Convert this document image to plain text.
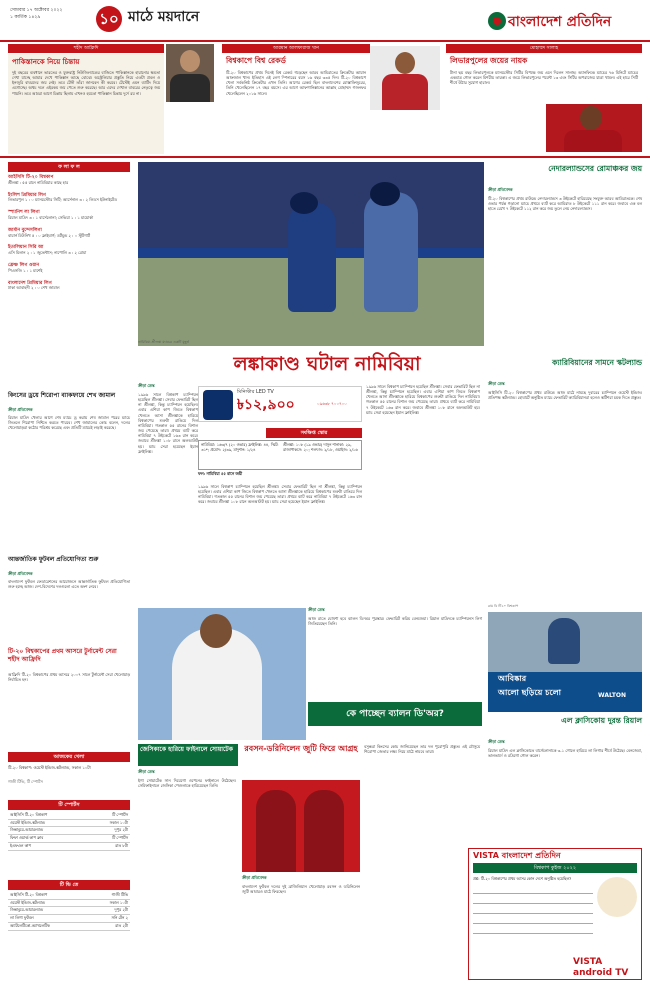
সোমবার ১৭ অক্টোবর ২০২২
১ কার্তিক ১৪২৯	১০ মাঠে ময়দানে	বাংলাদেশ প্রতিদিন
শহীদ আফ্রিদি
পাকিস্তানকে নিয়ে চিন্তায়
দুই বছরের ব্যবধানে ভারতের ও যুক্তরাষ্ট্র নিউজিল্যান্ডের বাজিতে পাকিস্তানকে হারানোর ক্ষমতা দেখা যাচ্ছে আমার দেখে পাকিস্তান আছে বোঝে। অস্ট্রেলিয়ার প্রস্তুতি নিয়ে এতটা প্রবল ও ইনজুরি বাবরদের জয় নেই। তবে টেস্ট তাঁরা জানবেন কী করবে। টেস্টেই এমন ব্যাটিং দিয়ে এগোচ্ছে। অথচ দলে এইরকম জয় পেতে শুরু করেছে। আর এদের দেখাল বাবরের নেতৃত্বে জয় পায়নি। তবে আমরা আগে চিন্তায় ছিলাম এখনও হয়তো পাকিস্তান চিন্তায় দুর্দে রয় না।
আরমান আলফারাজ খান
বিশ্বকাপে বিশ্ব রেকর্ড
টি-২০ বিশ্বকাপের প্রথম দিনেই বিশ্ব রেকর্ড গড়েছেন আরব আমিরাতের ক্রিকেটার আয়ান আফজাল খান। ইতিহাস এই লেগ স্পিনারের বয়স ১৬ বছর ৩৩৫ দিন। টি-২০ বিশ্বকাপে খেলা সর্বকনিষ্ঠ ক্রিকেটার এখন তিনি। আগের রেকর্ড ছিল বাংলাদেশের মোস্তাফিজুরের, তিনি খেলেছিলেন ১৭ বছর বয়সে। এর আগে আফগানিস্তানের আল্লাহ মোহাম্মদ গজনফর খেলেছিলেন ২০১৬ সালে।
মোহাম্মদ সালাহ
লিভারপুলের জয়ের নায়ক
টানা ছয় বছর লিভারপুলকে ম্যানচেস্টার সিটির বিপক্ষে জয় এনে দিলেন সালাহ। অ্যানফিল্ডে ম্যাচের ৭৬ মিনিটে ম্যাচের একমাত্র গোল করেন মিশরীয় তারকা। এ জয়ে লিভারপুলের পয়েন্ট ১৩ এবং সিটির অপরাজেয় যাত্রা থামল। এই হারে সিটি শীর্ষে উঠার সুযোগ হারাল।
ফ লা ফ ল
আইসিসি টি-২০ বিশ্বকাপ
শ্রীলঙ্কা : ৫৫ রানে নামিবিয়ার কাছে হার
ইংলিশ প্রিমিয়ার লিগ
লিভারপুল ১ : ০ ম্যানচেস্টার সিটি; আর্সেনাল ৩ : ২ লিডস ইউনাইটেড
স্প্যানিশ লা লিগা
রিয়াল মাদ্রিদ ৩ : ১ বার্সেলোনা; সেভিয়া ১ : ১ মায়োর্কা
জার্মান বুন্দেসলিগা
বায়ার্ন মিউনিখ ৫ : ০ ফ্রাইবার্গ; ডর্টমুন্ড ২ : ০ স্টুটগার্ট
ইতালিয়ান সিরি আ
এসি মিলান ২ : ১ জুভেন্টাস; নাপোলি ৩ : ২ রোমা
ফ্রেঞ্চ লিগ ওয়ান
পিএসজি ১ : ১ মার্শেই
বাংলাদেশ প্রিমিয়ার লিগ
ঢাকা আবাহনী ২ : ০ শেখ জামাল
কিংসের ড্রয়ে শিরোপা ব্যাকফায়ে শেখ জামাল
ক্রীড়া প্রতিবেদক
রিয়াল মাদ্রিদ খেলার আগে শেষ ম্যাচে ড্র করায় শেষ জামাল পরের ম্যাচে জিতলে শিরোপা নিশ্চিত করতে পারবে। শেখ জামালের কোচ বলেন, দলের খেলোয়াড়রা কঠোর পরিশ্রম করেছে এবং প্রতিটি ম্যাচেই লড়াই করেছে।
আন্তর্জাতিক ফুটবল প্রতিযোগিতা শুরু
ক্রীড়া প্রতিবেদক
বাংলাদেশ ফুটবল ফেডারেশনের আয়োজনে আন্তর্জাতিক ফুটবল প্রতিযোগিতা শুরু হচ্ছে আজ। দেশ-বিদেশের দলগুলো এতে অংশ নেবে।
টি-২০ বিশ্বকাপের প্রথম আসরে টুর্নামেন্ট সেরা শহীদ আফ্রিদি
আফ্রিদি টি-২০ বিশ্বকাপের প্রথম আসরে ২০০৭ সালে টুর্নামেন্ট সেরা খেলোয়াড় নির্বাচিত হন।
আজকের খেলা
টি-২০ বিশ্বকাপ: ওয়েস্ট ইন্ডিজ-স্কটল্যান্ড, সকাল ১০টা
গাজী টিভি, টি স্পোর্টস
টি স্পোর্টস
আইসিসি টি-২০ বিশ্বকাপ	টি স্পোর্টস
ওয়েস্ট ইন্ডিজ-স্কটল্যান্ড	সকাল ১০টা
জিম্বাবুয়ে-আয়ারল্যান্ড	দুপুর ২টা
ফিফা ওয়ার্ল্ড কাপ ক্লাব	টি স্পোর্টস
ইএফএল কাপ	রাত ৮টা
টি ভি তে
আইসিসি টি-২০ বিশ্বকাপ	গাজী টিভি
ওয়েস্ট ইন্ডিজ-স্কটল্যান্ড	সকাল ১০টা
জিম্বাবুয়ে-আয়ারল্যান্ড	দুপুর ২টা
লা লিগা ফুটবল	সনি টেন ২
অ্যাটলেটিকো-অ্যাথলেটিক	রাত ২টা
নামিবিয়া-শ্রীলঙ্কা ম্যাচের একটি মুহূর্ত
লঙ্কাকাণ্ড ঘটাল নামিবিয়া
ক্রীড়া ডেস্ক
১৯৯৬ সালে বিশ্বকাপ চ্যাম্পিয়ন হয়েছিল শ্রীলঙ্কা। সেবার ফেভারিট ছিল না শ্রীলঙ্কা, কিন্তু চ্যাম্পিয়ন হয়েছিল। এবার এশিয়া কাপ জিতে বিশ্বকাপ খেলতে আসা শ্রীলঙ্কাকে হারিয়ে বিশ্বকাপের শুরুটা রাঙিয়ে দিল নামিবিয়া। গতকাল ৫৫ রানের বিশাল জয় পেয়েছে তারা। প্রথমে ব্যাট করে নামিবিয়া ৭ উইকেটে ১৬৩ রান করে। জবাবে শ্রীলঙ্কা ১০৮ রানে অলআউট হয়। ম্যাচ সেরা হয়েছেন ইয়ান ফ্রাইলিঙ্ক।
মিনিস্টার LED TV
৳১২,৯০০	০৯৬৩৮ ৭০০৭০০
সংক্ষিপ্ত স্কোর
নামিবিয়া: ১৬৩/৭ (২০ ওভার) ফ্রাইলিঙ্ক: ৪৪, স্মিট: ৩১*; প্রমোদ: ২/৩৯, মাদুশান: ১/২৪
শ্রীলঙ্কা: ১০৮ (১৯ ওভার) দাসুন শানাকা: ২৯, রাজাপাকসে: ২০; শলৎজ: ২/১৮, ওয়াইজ: ২/১৬
ফল: নামিবিয়া ৫৫ রানে জয়ী
১৯৯৬ সালে বিশ্বকাপ চ্যাম্পিয়ন হয়েছিল শ্রীলঙ্কা। সেবার ফেভারিট ছিল না শ্রীলঙ্কা, কিন্তু চ্যাম্পিয়ন হয়েছিল। এবার এশিয়া কাপ জিতে বিশ্বকাপ খেলতে আসা শ্রীলঙ্কাকে হারিয়ে বিশ্বকাপের শুরুটা রাঙিয়ে দিল নামিবিয়া। গতকাল ৫৫ রানের বিশাল জয় পেয়েছে তারা। প্রথমে ব্যাট করে নামিবিয়া ৭ উইকেটে ১৬৩ রান করে। জবাবে শ্রীলঙ্কা ১০৮ রানে অলআউট হয়। ম্যাচ সেরা হয়েছেন ইয়ান ফ্রাইলিঙ্ক।
১৯৯৬ সালে বিশ্বকাপ চ্যাম্পিয়ন হয়েছিল শ্রীলঙ্কা। সেবার ফেভারিট ছিল না শ্রীলঙ্কা, কিন্তু চ্যাম্পিয়ন হয়েছিল। এবার এশিয়া কাপ জিতে বিশ্বকাপ খেলতে আসা শ্রীলঙ্কাকে হারিয়ে বিশ্বকাপের শুরুটা রাঙিয়ে দিল নামিবিয়া। গতকাল ৫৫ রানের বিশাল জয় পেয়েছে তারা। প্রথমে ব্যাট করে নামিবিয়া ৭ উইকেটে ১৬৩ রান করে। জবাবে শ্রীলঙ্কা ১০৮ রানে অলআউট হয়। ম্যাচ সেরা হয়েছেন ইয়ান ফ্রাইলিঙ্ক।
ক্রীড়া ডেস্ক
আজ রাতে ঘোষণা হবে ব্যালন ডি'অর পুরস্কার। ফেভারিট করিম বেনজেমা। রিয়াল মাদ্রিদকে চ্যাম্পিয়নস লিগ জিতিয়েছেন তিনি।
কে পাচ্ছেন ব্যালন ডি'অর?
জেসিকাকে হারিয়ে ফাইনালে সোয়াটেক
ক্রীড়া ডেস্ক
ইগা সোয়াটেক সান দিয়েগো ওপেনের ফাইনালে উঠেছেন। সেমিফাইনালে জেসিকা পেগুলাকে হারিয়েছেন তিনি।
রবসন-ডরিনিলেন জুটি ফিরে আগ্রহ
ক্রীড়া প্রতিবেদক
বাংলাদেশ ফুটবল দলের দুই ব্রাজিলিয়ান খেলোয়াড় রবসন ও ডরিনিলেন জুটি আবারও মাঠে ফিরছেন।
বসুন্ধরা কিংসের কোচ জানিয়েছেন তার দল পুরোপুরি প্রস্তুত। এই মৌসুমে শিরোপা জেতার লক্ষ্য নিয়ে মাঠে নামবে তারা।
নেদারল্যান্ডসের রোমাঞ্চকর জয়
ক্রীড়া প্রতিবেদক
টি-২০ বিশ্বকাপের প্রথম রাউন্ডে নেদারল্যান্ডস ৩ উইকেটে হারিয়েছে সংযুক্ত আরব আমিরাতকে। শেষ ওভার পর্যন্ত গড়ানো ম্যাচে প্রথমে ব্যাট করে আমিরাত ৮ উইকেটে ১১১ রান করে। জবাবে এক বল হাতে রেখে ৭ উইকেটে ১১২ রান করে জয় তুলে নেয় নেদারল্যান্ডস।
ক্যারিবিয়ানের সামনে স্কটল্যান্ড
ক্রীড়া ডেস্ক
আইসিসি টি-২০ বিশ্বকাপের প্রথম রাউন্ডে আজ মাঠে নামছে দুবারের চ্যাম্পিয়ন ওয়েস্ট ইন্ডিজ। প্রতিপক্ষ স্কটল্যান্ড। হোবার্টে অনুষ্ঠিত ম্যাচে ফেভারিট ক্যারিবিয়ানরা হলেও স্কটিশরা চমক দিতে প্রস্তুত।
আবিষ্কার
আলো ছড়িয়ে চলো	WALTON
রাম বি টি২০ বিশ্বকাপ
এল ক্লাসিকোয় দুরন্ত রিয়াল
ক্রীড়া ডেস্ক
রিয়াল মাদ্রিদ এল ক্লাসিকোতে বার্সেলোনাকে ৩-১ গোলে হারিয়ে লা লিগার শীর্ষে উঠেছে। বেনজেমা, ভালভার্দে ও রদ্রিগো গোল করেন।
VISTA বাংলাদেশ প্রতিদিন
বিশ্বকাপ কুইজ ২০২২
প্রশ্ন: টি-২০ বিশ্বকাপের প্রথম আসর কোন দেশে অনুষ্ঠিত হয়েছিল?
VISTA android TV
